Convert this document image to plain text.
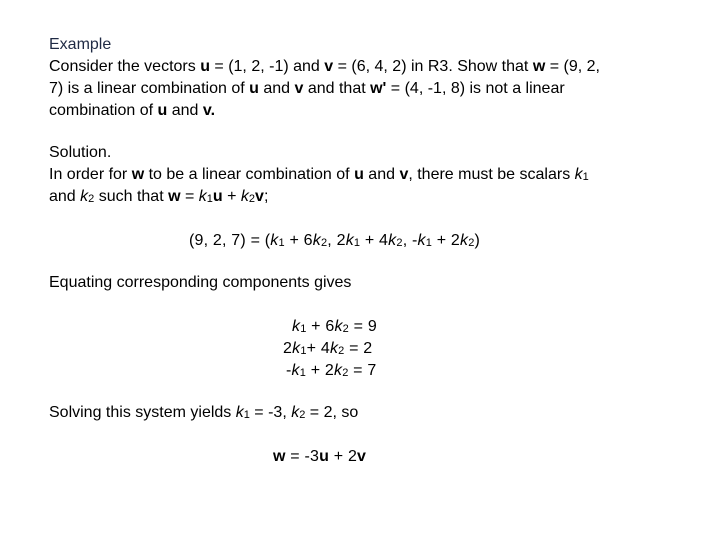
Example
Consider the vectors u = (1, 2, -1) and v = (6, 4, 2) in R3. Show that w = (9, 2,
7) is a linear combination of u and v and that w' = (4, -1, 8) is not a linear
combination of u and v.
Solution.
In order for w to be a linear combination of u and v, there must be scalars k1
and k2 such that w = k1u + k2v;
(9, 2, 7) = (k1 + 6k2, 2k1 + 4k2, -k1 + 2k2)
Equating corresponding components gives
k1 + 6k2 = 9
2k1+ 4k2 = 2
-k1 + 2k2 = 7
Solving this system yields k1 = -3, k2 = 2, so
w = -3u + 2v
